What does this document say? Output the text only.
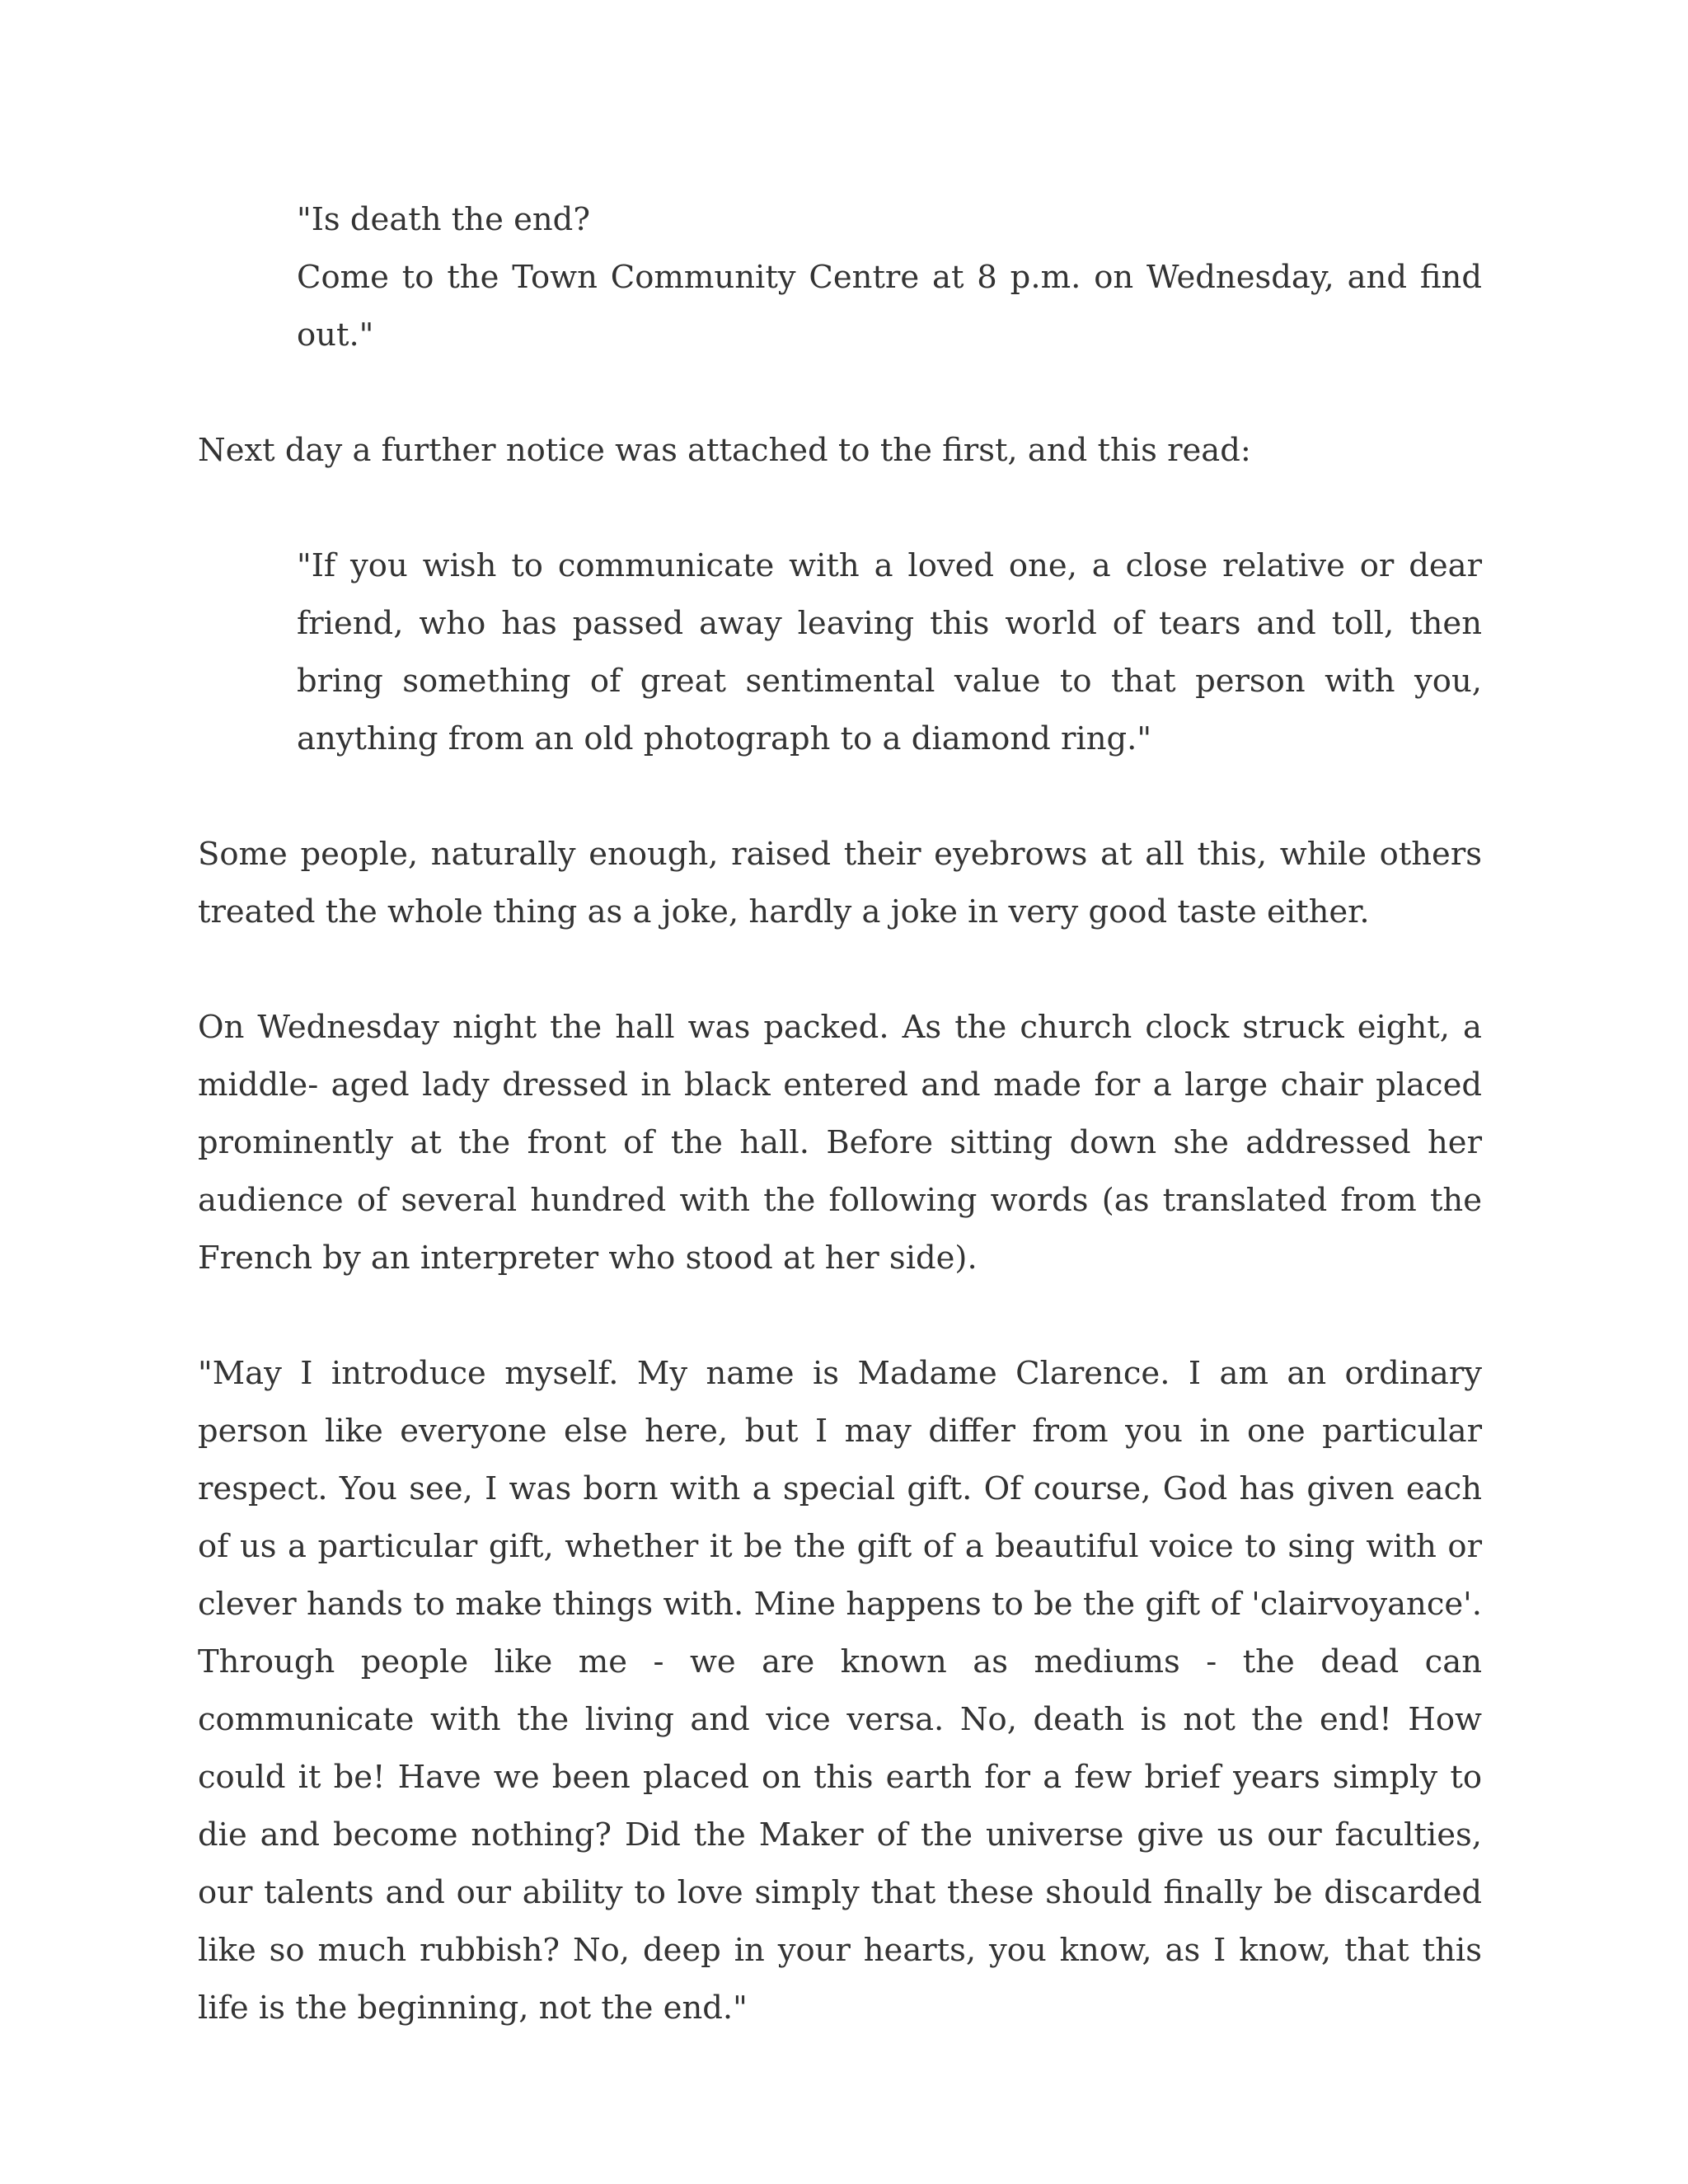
"Is death the end?
Come to the Town Community Centre at 8 p.m. on Wednesday, and find out."

Next day a further notice was attached to the first, and this read:

"If you wish to communicate with a loved one, a close relative or dear friend, who has passed away leaving this world of tears and toll, then bring something of great sentimental value to that person with you, anything from an old photograph to a diamond ring."

Some people, naturally enough, raised their eyebrows at all this, while others treated the whole thing as a joke, hardly a joke in very good taste either.

On Wednesday night the hall was packed. As the church clock struck eight, a middle- aged lady dressed in black entered and made for a large chair placed prominently at the front of the hall. Before sitting down she addressed her audience of several hundred with the following words (as translated from the French by an interpreter who stood at her side).

"May I introduce myself. My name is Madame Clarence. I am an ordinary person like everyone else here, but I may differ from you in one particular respect. You see, I was born with a special gift. Of course, God has given each of us a particular gift, whether it be the gift of a beautiful voice to sing with or clever hands to make things with. Mine happens to be the gift of 'clairvoyance'. Through people like me - we are known as mediums - the dead can communicate with the living and vice versa. No, death is not the end! How could it be! Have we been placed on this earth for a few brief years simply to die and become nothing? Did the Maker of the universe give us our faculties, our talents and our ability to love simply that these should finally be discarded like so much rubbish? No, deep in your hearts, you know, as I know, that this life is the beginning, not the end."
